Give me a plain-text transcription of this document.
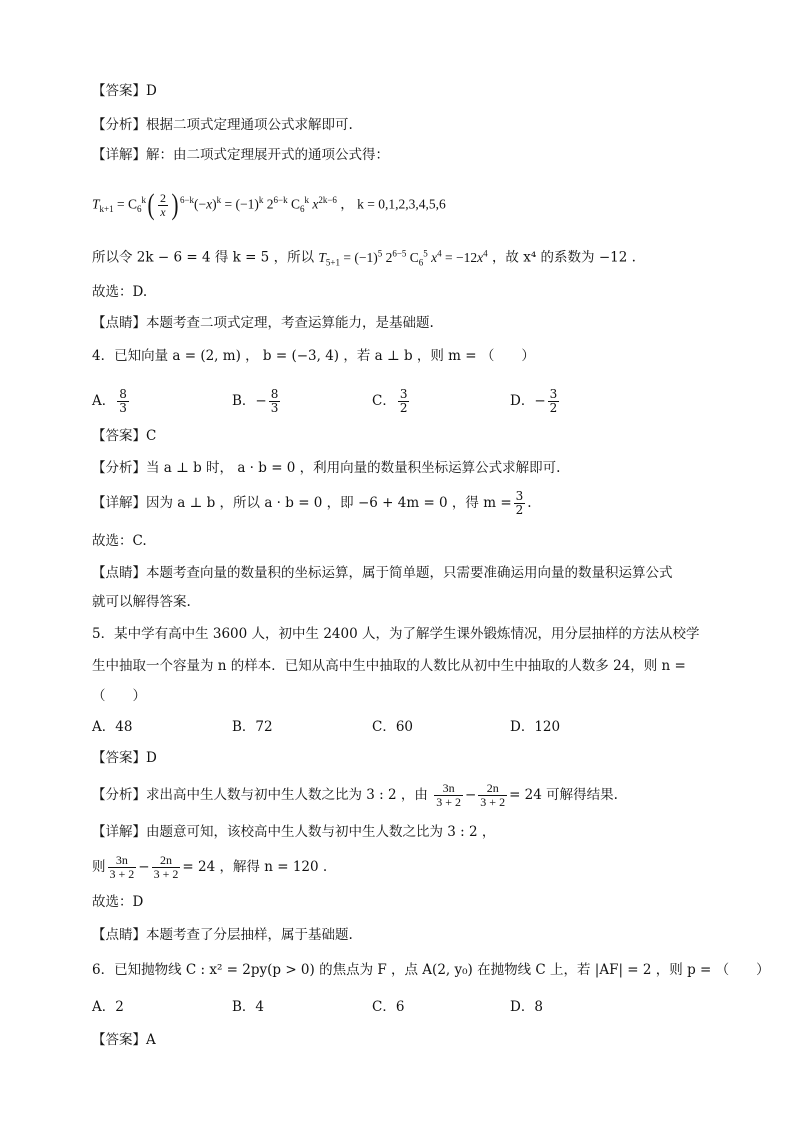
【答案】D
【分析】根据二项式定理通项公式求解即可.
【详解】解：由二项式定理展开式的通项公式得：
$T_{k+1} = C_6^k( \frac{2}{x}$ ) $^{6-k}(-x)^k = (-1)^k$ $2^{6-k}$ $C_6^k$ $x^{2k-6}$ ， k = 0,1,2,3,4,5,6
所以令 2k − 6 = 4 得 k = 5 ，所以 $T_{5+1} = (-1)^5$ $2^{6-5}$ $C_6^5$ $x^4 = -12x^4$ ，故 x⁴ 的系数为 −12 .
故选：D.
【点睛】本题考查二项式定理，考查运算能力，是基础题.
4．已知向量 a = (2, m) ， b = (−3, 4) ，若 a ⊥ b ，则 m = （　　）
A． $\frac{8}{3}$	B．− $\frac{8}{3}$	C． $\frac{3}{2}$	D．− $\frac{3}{2}$
【答案】C
【分析】当 a ⊥ b 时， a · b = 0 ，利用向量的数量积坐标运算公式求解即可.
【详解】因为 a ⊥ b ，所以 a · b = 0 ，即 −6 + 4m = 0 ，得 $m = \frac{3}{2}$ .
故选：C.
【点睛】本题考查向量的数量积的坐标运算，属于简单题，只需要准确运用向量的数量积运算公式
就可以解得答案.
5．某中学有高中生 3600 人，初中生 2400 人，为了解学生课外锻炼情况，用分层抽样的方法从校学
生中抽取一个容量为 n 的样本．已知从高中生中抽取的人数比从初中生中抽取的人数多 24，则 n =
（　　）
A．48	B．72	C．60	D．120
【答案】D
【分析】求出高中生人数与初中生人数之比为 3 : 2 ，由 $\frac{3n}{3 + 2} - \frac{2n}{3 + 2} = 24$ 可解得结果.
【详解】由题意可知，该校高中生人数与初中生人数之比为 3 : 2 ，
则 $\frac{3n}{3 + 2} - \frac{2n}{3 + 2} = 24$ ，解得 n = 120 .
故选：D
【点睛】本题考查了分层抽样，属于基础题.
6．已知抛物线 C : x² = 2py(p > 0) 的焦点为 F ，点 A(2, y₀) 在抛物线 C 上，若 |AF| = 2 ，则 p = （　　）
A．2	B．4	C．6	D．8
【答案】A
